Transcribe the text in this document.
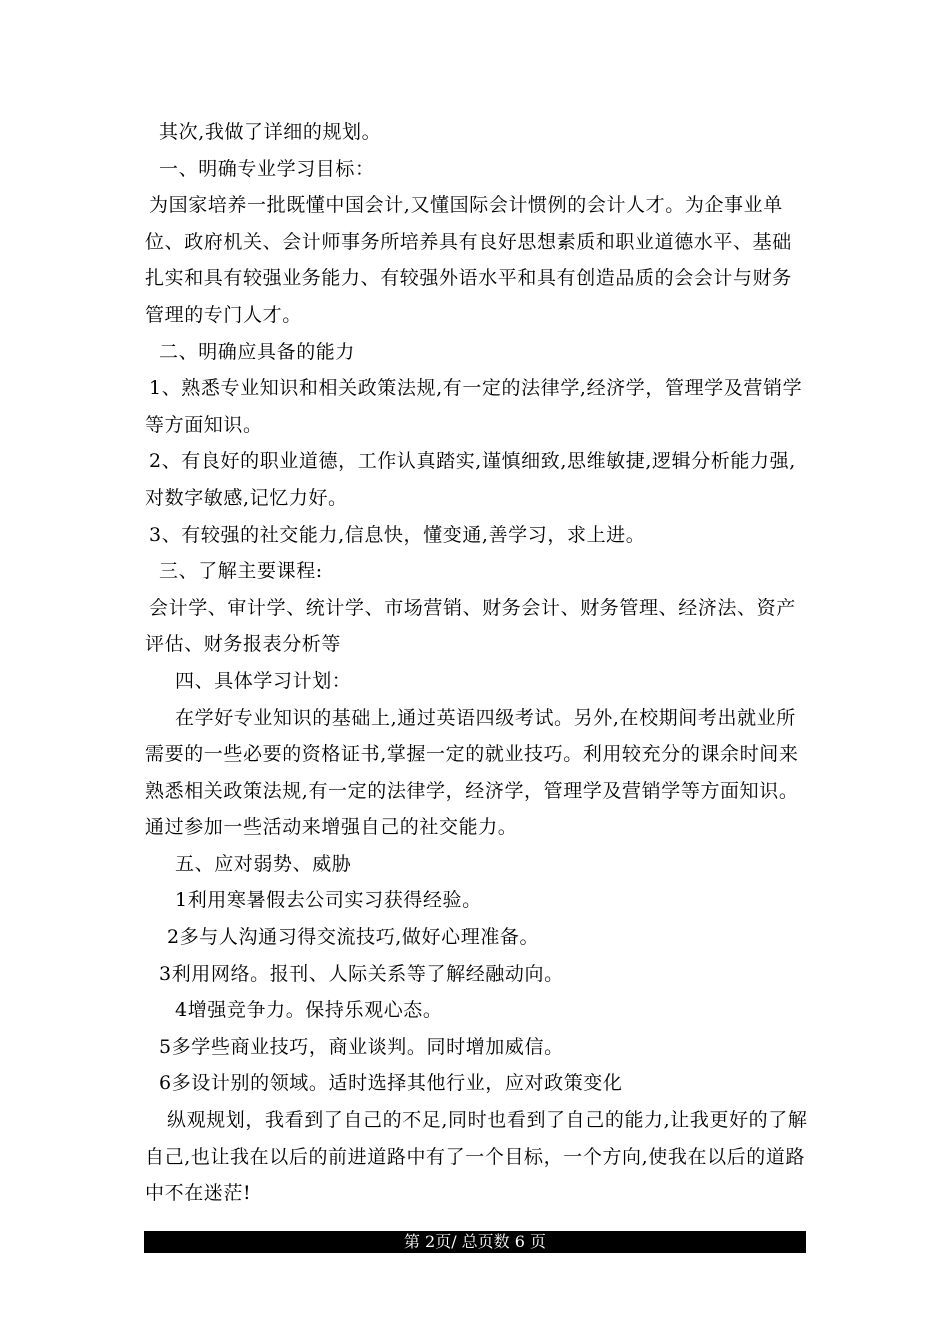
其次,我做了详细的规划。

一、明确专业学习目标：

为国家培养一批既懂中国会计,又懂国际会计惯例的会计人才。为企事业单位、政府机关、会计师事务所培养具有良好思想素质和职业道德水平、基础扎实和具有较强业务能力、有较强外语水平和具有创造品质的会会计与财务管理的专门人才。

二、明确应具备的能力

1、熟悉专业知识和相关政策法规,有一定的法律学,经济学，管理学及营销学等方面知识。

2、有良好的职业道德，工作认真踏实,谨慎细致,思维敏捷,逻辑分析能力强,对数字敏感,记忆力好。

3、有较强的社交能力,信息快，懂变通,善学习，求上进。

三、了解主要课程:

会计学、审计学、统计学、市场营销、财务会计、财务管理、经济法、资产评估、财务报表分析等

四、具体学习计划：

在学好专业知识的基础上,通过英语四级考试。另外,在校期间考出就业所需要的一些必要的资格证书,掌握一定的就业技巧。利用较充分的课余时间来熟悉相关政策法规,有一定的法律学，经济学，管理学及营销学等方面知识。通过参加一些活动来增强自己的社交能力。

五、应对弱势、威胁

1利用寒暑假去公司实习获得经验。

2多与人沟通习得交流技巧,做好心理准备。

3利用网络。报刊、人际关系等了解经融动向。

4增强竞争力。保持乐观心态。

5多学些商业技巧，商业谈判。同时增加威信。

6多设计别的领域。适时选择其他行业，应对政策变化

纵观规划，我看到了自己的不足,同时也看到了自己的能力,让我更好的了解自己,也让我在以后的前进道路中有了一个目标，一个方向,使我在以后的道路中不在迷茫!

第 2页/ 总页数 6 页
